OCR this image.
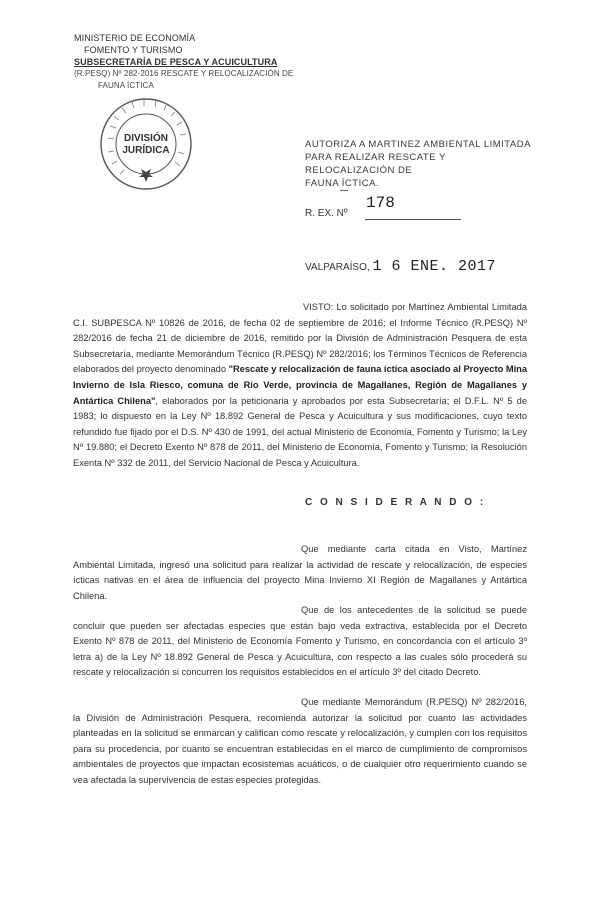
MINISTERIO DE ECONOMÍA
FOMENTO Y TURISMO
SUBSECRETARÍA DE PESCA Y ACUICULTURA
(R.PESQ) Nº 282-2016 RESCATE Y RELOCALIZACIÓN DE
FAUNA ÍCTICA
DIVISIÓN
JURÍDICA
AUTORIZA A MARTINEZ AMBIENTAL LIMITADA
PARA REALIZAR RESCATE Y RELOCALIZACIÓN DE
FAUNA ÍCTICA.
R. EX. Nº
178
VALPARAÍSO, 1 6 ENE. 2017
VISTO: Lo solicitado por Martínez Ambiental Limitada C.I. SUBPESCA Nº 10826 de 2016, de fecha 02 de septiembre de 2016; el Informe Técnico (R.PESQ) Nº 282/2016 de fecha 21 de diciembre de 2016, remitido por la División de Administración Pesquera de esta Subsecretaría, mediante Memorándum Técnico (R.PESQ) Nº 282/2016; los Términos Técnicos de Referencia elaborados del proyecto denominado "Rescate y relocalización de fauna íctica asociado al Proyecto Mina Invierno de Isla Riesco, comuna de Río Verde, provincia de Magallanes, Región de Magallanes y Antártica Chilena", elaborados por la peticionaria y aprobados por esta Subsecretaría; el D.F.L. Nº 5 de 1983; lo dispuesto en la Ley Nº 18.892 General de Pesca y Acuicultura y sus modificaciones, cuyo texto refundido fue fijado por el D.S. Nº 430 de 1991, del actual Ministerio de Economía, Fomento y Turismo; la Ley Nº 19.880; el Decreto Exento Nº 878 de 2011, del Ministerio de Economía, Fomento y Turismo; la Resolución Exenta Nº 332 de 2011, del Servicio Nacional de Pesca y Acuicultura.
C O N S I D E R A N D O :
Que mediante carta citada en Visto, Martínez Ambiental Limitada, ingresó una solicitud para realizar la actividad de rescate y relocalización, de especies ícticas nativas en el área de influencia del proyecto Mina Invierno XI Región de Magallanes y Antártica Chilena.
Que de los antecedentes de la solicitud se puede concluir que pueden ser afectadas especies que están bajo veda extractiva, establecida por el Decreto Exento Nº 878 de 2011, del Ministerio de Economía Fomento y Turismo, en concordancia con el artículo 3º letra a) de la Ley Nº 18.892 General de Pesca y Acuicultura, con respecto a las cuales sólo procederá su rescate y relocalización si concurren los requisitos establecidos en el artículo 3º del citado Decreto.
Que mediante Memorándum (R.PESQ) Nº 282/2016, la División de Administración Pesquera, recomienda autorizar la solicitud por cuanto las actividades planteadas en la solicitud se enmarcan y califican como rescate y relocalización, y cumplen con los requisitos para su procedencia, por cuanto se encuentran establecidas en el marco de cumplimiento de compromisos ambientales de proyectos que impactan ecosistemas acuáticos, o de cualquier otro requerimiento cuando se vea afectada la supervivencia de estas especies protegidas.
